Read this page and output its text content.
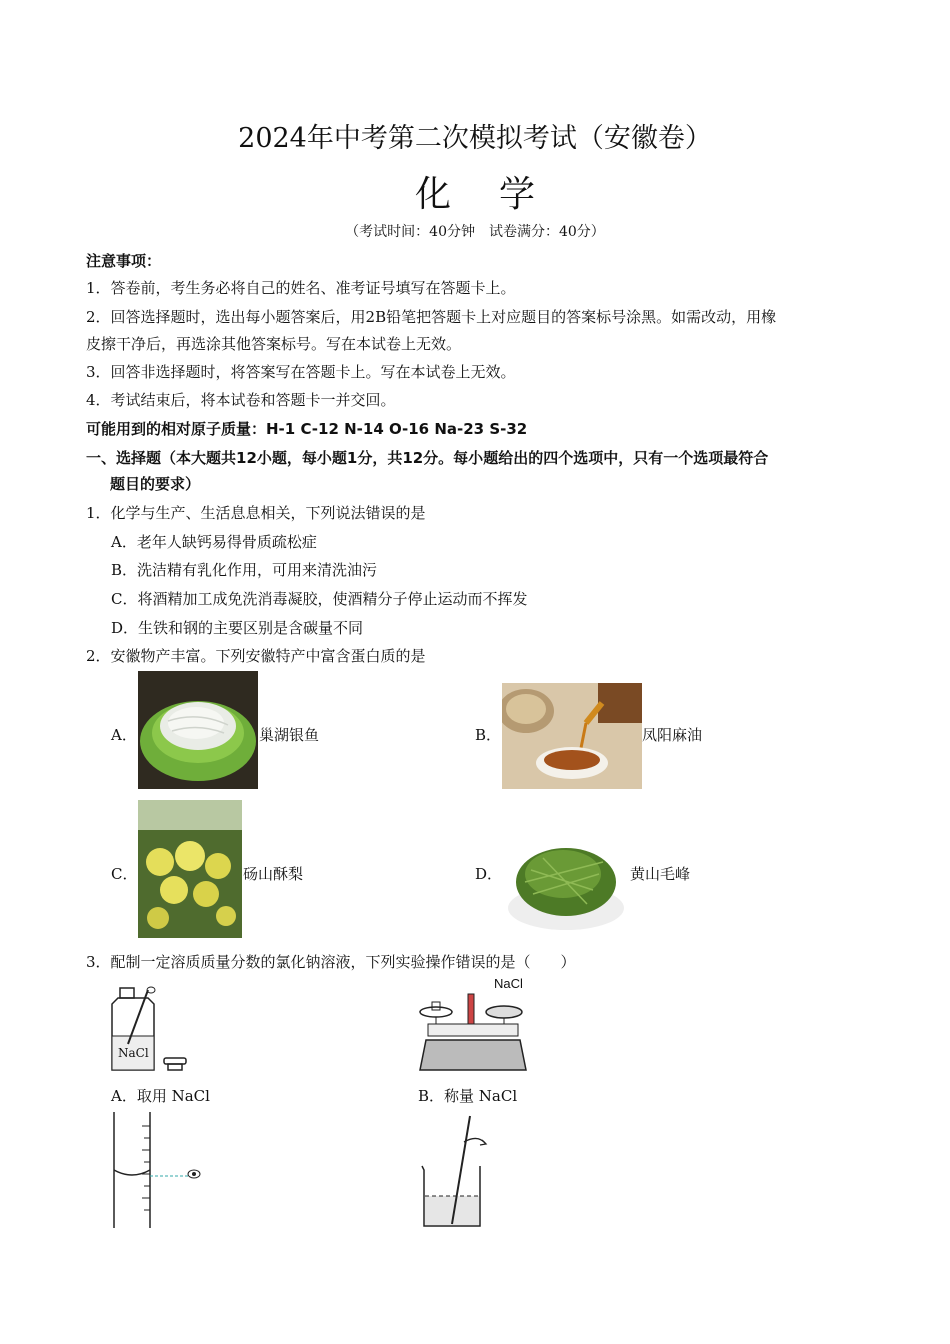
2024年中考第二次模拟考试（安徽卷）
化学
（考试时间：40分钟　试卷满分：40分）
注意事项：
1．答卷前，考生务必将自己的姓名、准考证号填写在答题卡上。
2．回答选择题时，选出每小题答案后，用2B铅笔把答题卡上对应题目的答案标号涂黑。如需改动，用橡
皮擦干净后，再选涂其他答案标号。写在本试卷上无效。
3．回答非选择题时，将答案写在答题卡上。写在本试卷上无效。
4．考试结束后，将本试卷和答题卡一并交回。
可能用到的相对原子质量：H-1 C-12 N-14 O-16 Na-23 S-32
一、选择题（本大题共12小题，每小题1分，共12分。每小题给出的四个选项中，只有一个选项最符合
题目的要求）
1．化学与生产、生活息息相关，下列说法错误的是
A．老年人缺钙易得骨质疏松症
B．洗洁精有乳化作用，可用来清洗油污
C．将酒精加工成免洗消毒凝胶，使酒精分子停止运动而不挥发
D．生铁和钢的主要区别是含碳量不同
2．安徽物产丰富。下列安徽特产中富含蛋白质的是
A．	巢湖银鱼	B．	凤阳麻油
C．	砀山酥梨	D．	黄山毛峰
3．配制一定溶质质量分数的氯化钠溶液，下列实验操作错误的是（　　）
NaCl
A．取用 NaCl
NaCl
B．称量 NaCl
